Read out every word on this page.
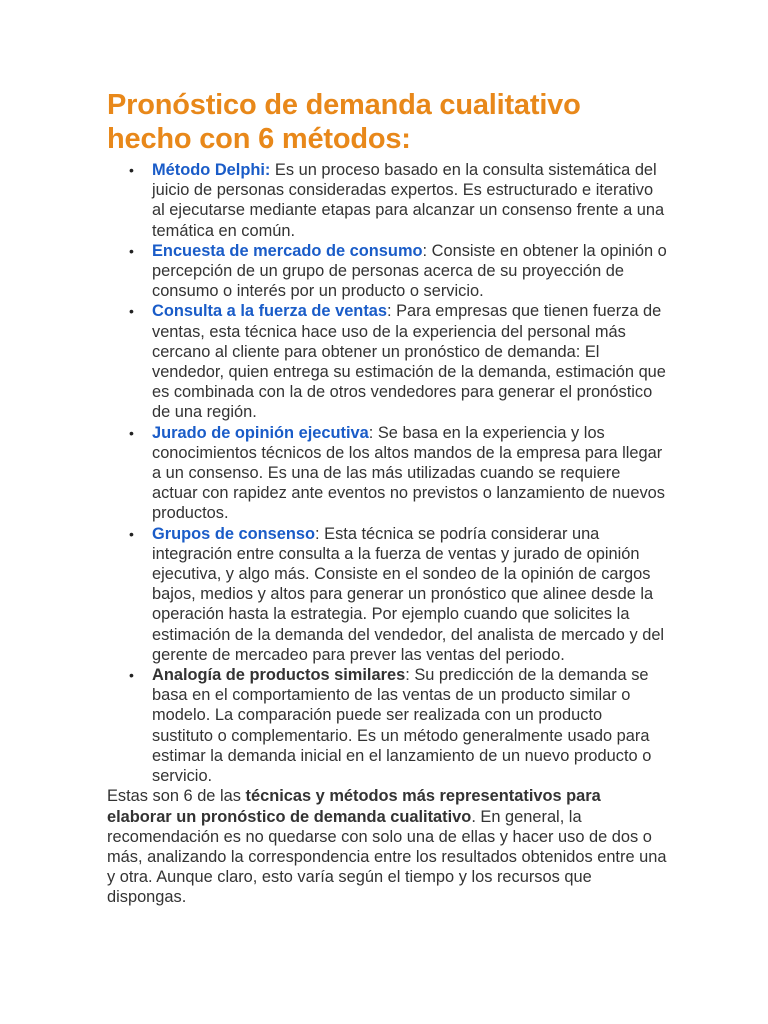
Pronóstico de demanda cualitativo
hecho con 6 métodos:
• Método Delphi: Es un proceso basado en la consulta sistemática del juicio de personas consideradas expertos. Es estructurado e iterativo al ejecutarse mediante etapas para alcanzar un consenso frente a una temática en común.
• Encuesta de mercado de consumo: Consiste en obtener la opinión o percepción de un grupo de personas acerca de su proyección de consumo o interés por un producto o servicio.
• Consulta a la fuerza de ventas: Para empresas que tienen fuerza de ventas, esta técnica hace uso de la experiencia del personal más cercano al cliente para obtener un pronóstico de demanda: El vendedor, quien entrega su estimación de la demanda, estimación que es combinada con la de otros vendedores para generar el pronóstico de una región.
• Jurado de opinión ejecutiva: Se basa en la experiencia y los conocimientos técnicos de los altos mandos de la empresa para llegar a un consenso. Es una de las más utilizadas cuando se requiere actuar con rapidez ante eventos no previstos o lanzamiento de nuevos productos.
• Grupos de consenso: Esta técnica se podría considerar una integración entre consulta a la fuerza de ventas y jurado de opinión ejecutiva, y algo más. Consiste en el sondeo de la opinión de cargos bajos, medios y altos para generar un pronóstico que alinee desde la operación hasta la estrategia. Por ejemplo cuando que solicites la estimación de la demanda del vendedor, del analista de mercado y del gerente de mercadeo para prever las ventas del periodo.
• Analogía de productos similares: Su predicción de la demanda se basa en el comportamiento de las ventas de un producto similar o modelo. La comparación puede ser realizada con un producto sustituto o complementario. Es un método generalmente usado para estimar la demanda inicial en el lanzamiento de un nuevo producto o servicio.

Estas son 6 de las técnicas y métodos más representativos para elaborar un pronóstico de demanda cualitativo. En general, la recomendación es no quedarse con solo una de ellas y hacer uso de dos o más, analizando la correspondencia entre los resultados obtenidos entre una y otra. Aunque claro, esto varía según el tiempo y los recursos que dispongas.
